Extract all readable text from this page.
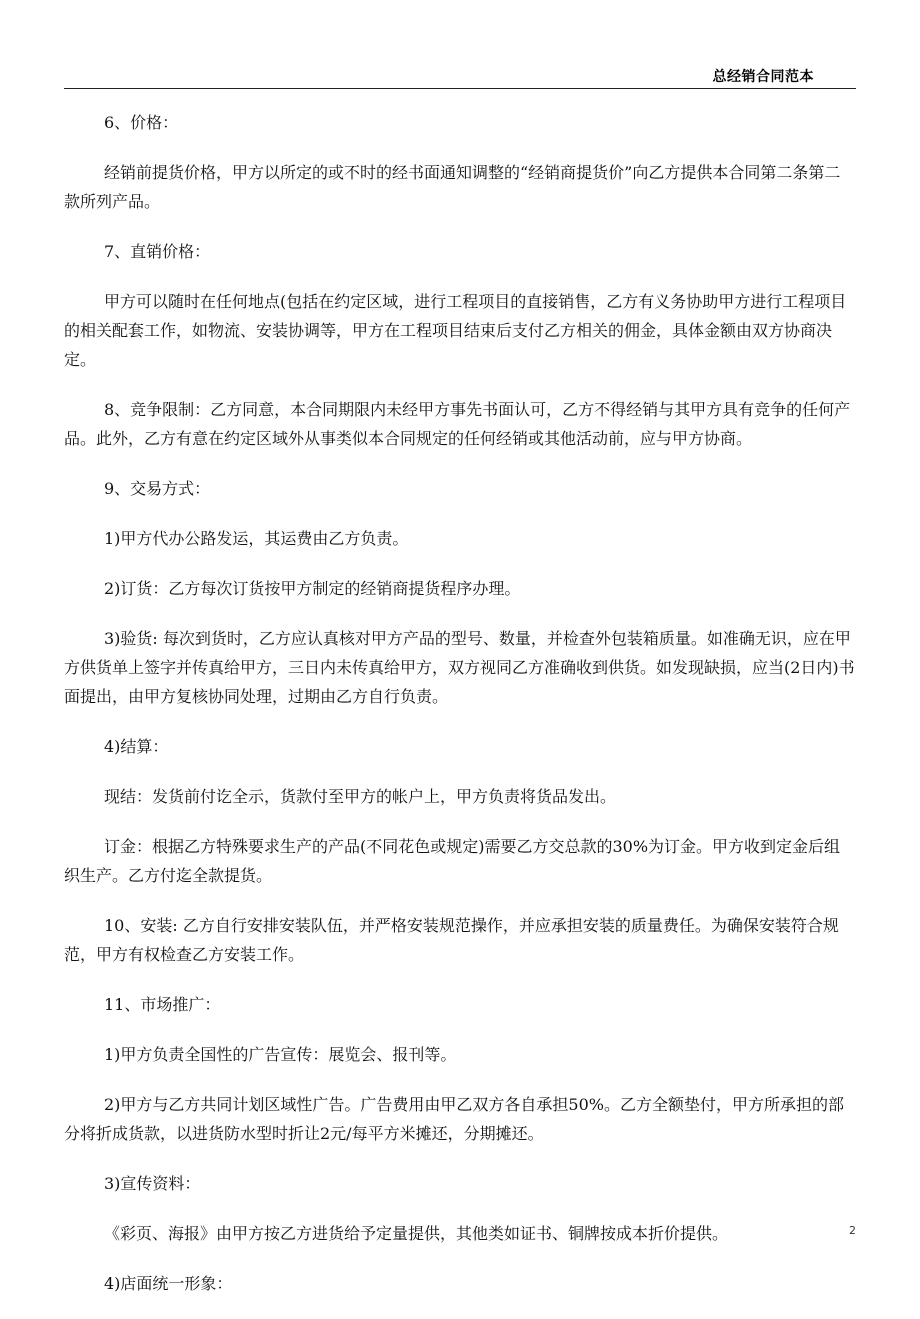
总经销合同范本

6、价格：

经销前提货价格，甲方以所定的或不时的经书面通知调整的“经销商提货价”向乙方提供本合同第二条第二款所列产品。

7、直销价格：

甲方可以随时在任何地点(包括在约定区域，进行工程项目的直接销售，乙方有义务协助甲方进行工程项目的相关配套工作，如物流、安装协调等，甲方在工程项目结束后支付乙方相关的佣金，具体金额由双方协商决定。

8、竞争限制：乙方同意，本合同期限内未经甲方事先书面认可，乙方不得经销与其甲方具有竞争的任何产品。此外，乙方有意在约定区域外从事类似本合同规定的任何经销或其他活动前，应与甲方协商。

9、交易方式：

1)甲方代办公路发运，其运费由乙方负责。

2)订货：乙方每次订货按甲方制定的经销商提货程序办理。

3)验货: 每次到货时，乙方应认真核对甲方产品的型号、数量，并检查外包装箱质量。如准确无识，应在甲方供货单上签字并传真给甲方，三日内未传真给甲方，双方视同乙方准确收到供货。如发现缺损，应当(2日内)书面提出，由甲方复核协同处理，过期由乙方自行负责。

4)结算：

现结：发货前付讫全示，货款付至甲方的帐户上，甲方负责将货品发出。

订金：根据乙方特殊要求生产的产品(不同花色或规定)需要乙方交总款的30%为订金。甲方收到定金后组织生产。乙方付迄全款提货。

10、安装: 乙方自行安排安装队伍，并严格安装规范操作，并应承担安装的质量费任。为确保安装符合规范，甲方有权检查乙方安装工作。

11、市场推广：

1)甲方负责全国性的广告宣传：展览会、报刊等。

2)甲方与乙方共同计划区域性广告。广告费用由甲乙双方各自承担50%。乙方全额垫付，甲方所承担的部分将折成货款，以进货防水型时折让2元/每平方米摊还，分期摊还。

3)宣传资料：

《彩页、海报》由甲方按乙方进货给予定量提供，其他类如证书、铜牌按成本折价提供。

4)店面统一形象：

2
